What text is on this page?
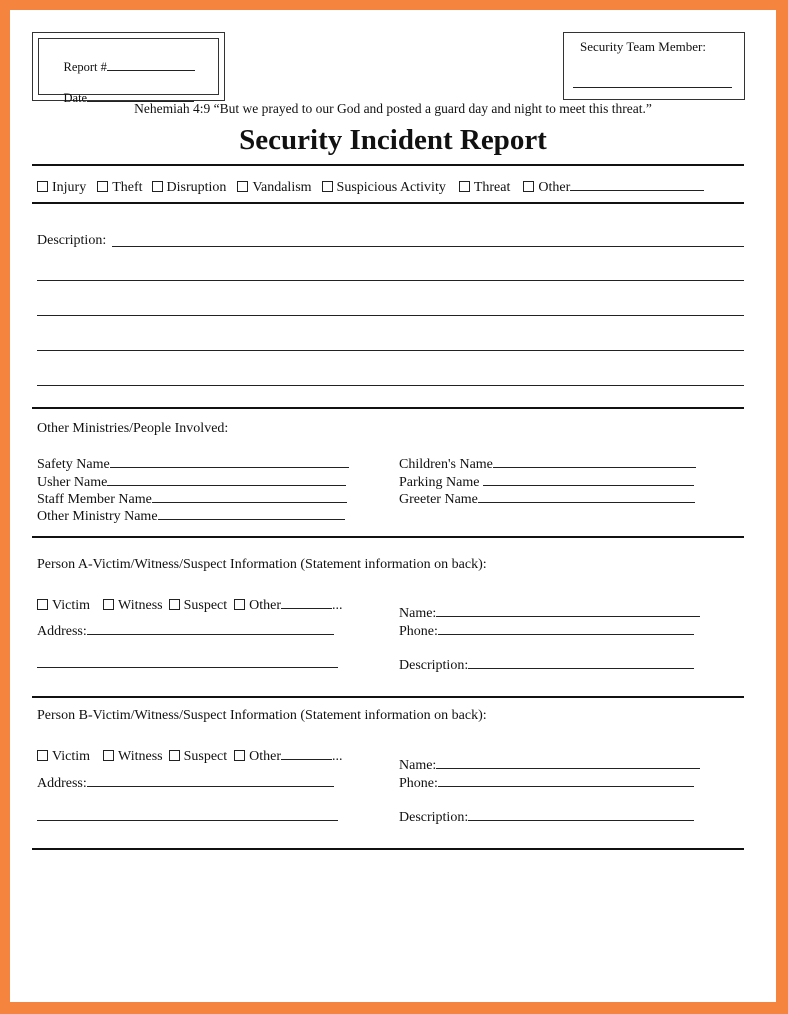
Report #

Date

Security Team Member:
Nehemiah 4:9 “But we prayed to our God and posted a guard day and night to meet this threat.”
Security Incident Report
Injury Theft Disruption Vandalism Suspicious Activity Threat Other
Description:
Other Ministries/People Involved:
Safety Name
Usher Name
Staff Member Name
Other Ministry Name
Children's Name
Parking Name
Greeter Name
Person A-Victim/Witness/Suspect Information (Statement information on back):
Victim Witness Suspect Other	...
Address:
Name:
Phone:
Description:
Person B-Victim/Witness/Suspect Information (Statement information on back):
Victim Witness Suspect Other	...
Address:
Name:
Phone:
Description:
